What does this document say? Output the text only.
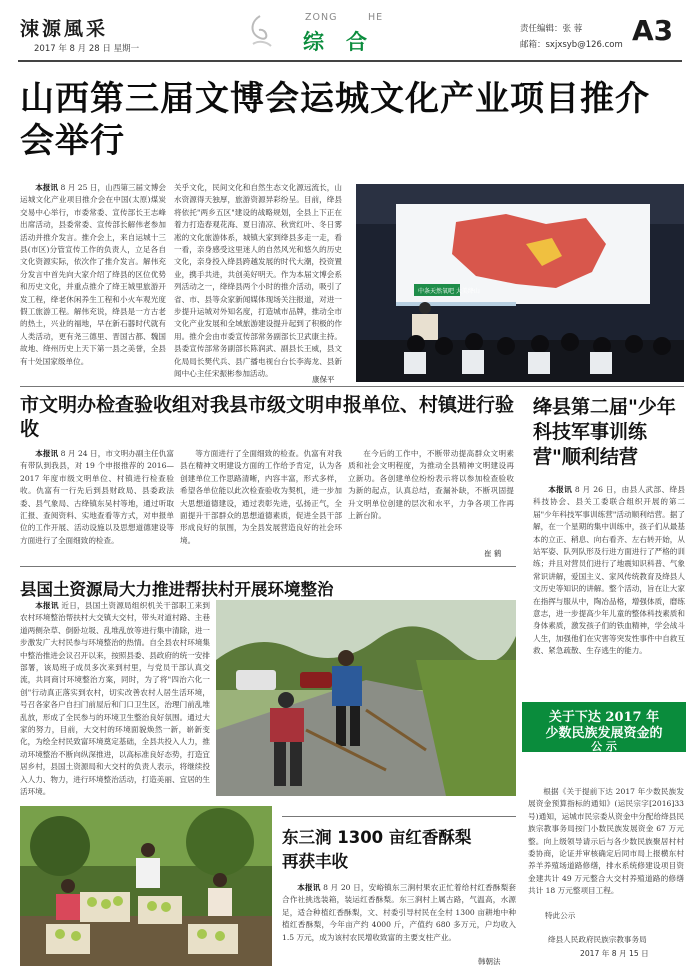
涑源風采
2017 年 8 月 28 日 星期一
ZONG	HE
综合	责任编辑：张 蓉
邮箱：sxjxsyb@126.com A3
山西第三届文博会运城文化产业项目推介会举行
本报讯 8 月 25 日，山西第三届文博会运城文化产业项目推介会在中国(太原)煤炭交易中心举行，市委常委、宣传部长王志峰出席活动，县委常委、宣传部长解伟老参加活动并推介发言。推介会上，来自运城十三县(市区)分管宣传工作的负责人，立足各自文化资源实际，依次作了推介发言。解伟充分发言中首先向大家介绍了绛县的区位优势和历史文化，并重点推介了绛王城里旅游开发工程，绛老休闲养生工程和小火车观光度假工旅游工程。解伟充说，绛县是一方古老的热土，兴业的福地，早在新石器时代就有人类活动，更有尧三德里、晋国古都、魏国故地、绛州历史上天下第一县之美誉，全县有十处国家级单位。
关乎文化，民间文化和自然生态文化源远流长，山水资源得天独厚，旅游资源异彩纷呈。目前，绛县将依托"两乡五区"建设的战略规划，全县上下正在着力打造春观花海、夏日清凉、秋赏红叶、冬日雾凇的文化旅游体系，城镇大家到绛县多走一走，看一看，亲身感受这里迷人的自然风光和悠久的历史文化，亲身投入绛县跨越发展的时代大潮，投资置业，携手共进，共创美好明天。作为本届文博会系列活动之一，绛绛县两个小时的推介活动，吸引了省、市、县等众家新闻媒体现场关注报道，对进一步提升运城对外知名度，打造城市品牌，推动全市文化产业发展和全域旅游建设提升起到了积极的作用。推介会由市委宣传部常务副部长卫武康主持。县委宣传部常务副部长陈润武、副县长王威，县文化局局长樊代兵、县广播电视台台长李海龙、县新闻中心主任宋振彬参加活动。
康保平
中条天然氧吧 大美绛山
市文明办检查验收组对我县市级文明申报单位、村镇进行验收
本报讯 8 月 24 日，市文明办副主任仇富有带队到我县，对 19 个申报推荐的 2016—2017 年度市级文明单位、村镇进行检查验收。仇富有一行先后到县财政局、县委政法委、县气象局、古绛镇东吴村等地，通过听取汇报、查阅资料、实地查看等方式，对申报单位的工作开展、活动设施以及思想道德建设等方面进行了全面细致的检查。
等方面进行了全面细致的检查。仇富有对我县在精神文明建设方面的工作给予肯定，认为各创建单位工作思路清晰，内容丰富，形式多样，希望各单位能以此次检查验收为契机，进一步加大思想道德建设，通过表彰先进，弘扬正气，全面提升干部群众的思想道德素质，促进全县干部形成良好的氛围，为全县发展营造良好的社会环境。
在今后的工作中，不断带动提高群众文明素质和社会文明程度，为推动全县精神文明建设再立新功。各创建单位纷纷表示将以参加检查验收为新的起点，认真总结，查漏补缺，不断巩固提升文明单位创建的层次和水平，力争各项工作再上新台阶。
崔 鹤
县国土资源局大力推进帮扶村开展环境整治
本报讯 近日，县国土资源局组织机关干部职工来到农村环境整治帮扶村大交镇大交村，带头对道村路、主巷道两侧杂草、倒卧垃圾、乱堆乱放等进行集中清除，进一步激发广大村民参与环境整治的热情。自全县农村环境集中整治推进会议召开以来，按照县委、县政府的统一安排部署，该局班子成员多次来到村里，与党员干部认真交流，共同商讨环境整治方案，同时，为了将"四治六化一创"行动真正落实到农村，切实改善农村人居生活环境，号召各家各户自扫门前屋后和门口卫生区，治理门前乱堆乱放，形成了全民参与的环境卫生整治良好氛围。通过大家的努力，目前，大交村的环境面貌焕然一新，崭新变化，为绘全村民致富环境奠定基础，全县共投入人力，推动环境整治不断向纵深推进，以高标准良好态势，打造宜居乡村，县国土资源局和大交村的负责人表示，将继续投入人力、物力，进行环境整治活动，打造美丽、宜居的生活环境。
东三涧 1300 亩红香酥梨再获丰收
本报讯 8 月 20 日，安峪镇东三涧村果农正忙着给村红香酥梨套合作社挑选装箱，装运红香酥梨。东三涧村上属古路，气温高，水源足，适合种植红香酥梨，文、村委引导村民在全村 1300 亩耕地中种植红香酥梨，今年亩产约 4000 斤，产值约 680 多万元，户均收入 1.5 万元，成为该村农民增收致富的主要支柱产业。
韩朝法
绛县第二届"少年科技军事训练营"顺利结营
本报讯 8 月 26 日，由县人武部、绛县科技协会、县关工委联合组织开展的第二届"少年科技军事训练营"活动顺利结营。据了解，在一个星期的集中训练中，孩子们从最基本的立正、稍息、向右看齐、左右转开始，从站军姿、队列队形及行进方面进行了严格的训练；并且对营员们进行了地震知识科普、气象常识讲解，爱国主义、家风传统教育及绛县人文历史等知识的讲解。整个活动，旨在让大家在指挥与服从中，陶冶品格，增强体质，磨练意志，进一步提高少年儿童的整体科技素质和身体素质，激发孩子们的铁血精神，学会战斗人生，加强他们在灾害等突发性事件中自救互救、紧急疏散、生存逃生的能力。
关于下达 2017 年
少数民族发展资金的
公 示
根据《关于提前下达 2017 年少数民族发展资金预算指标的通知》(运民宗字[2016]33 号)通知，运城市民宗委从资金中分配给绛县民族宗教事务局按门小数民族发展资金 67 万元整。向上级领导请示后与各少数民族聚居村村委协商，论证并审核确定后同市局上报横东村养羊养殖场道路修缮，排水系统修建设项目资金建共计 49 万元整合大交村养殖道路的修缮共计 18 万元整项目工程。
特此公示
绛县人民政府民族宗教事务局
2017 年 8 月 15 日
